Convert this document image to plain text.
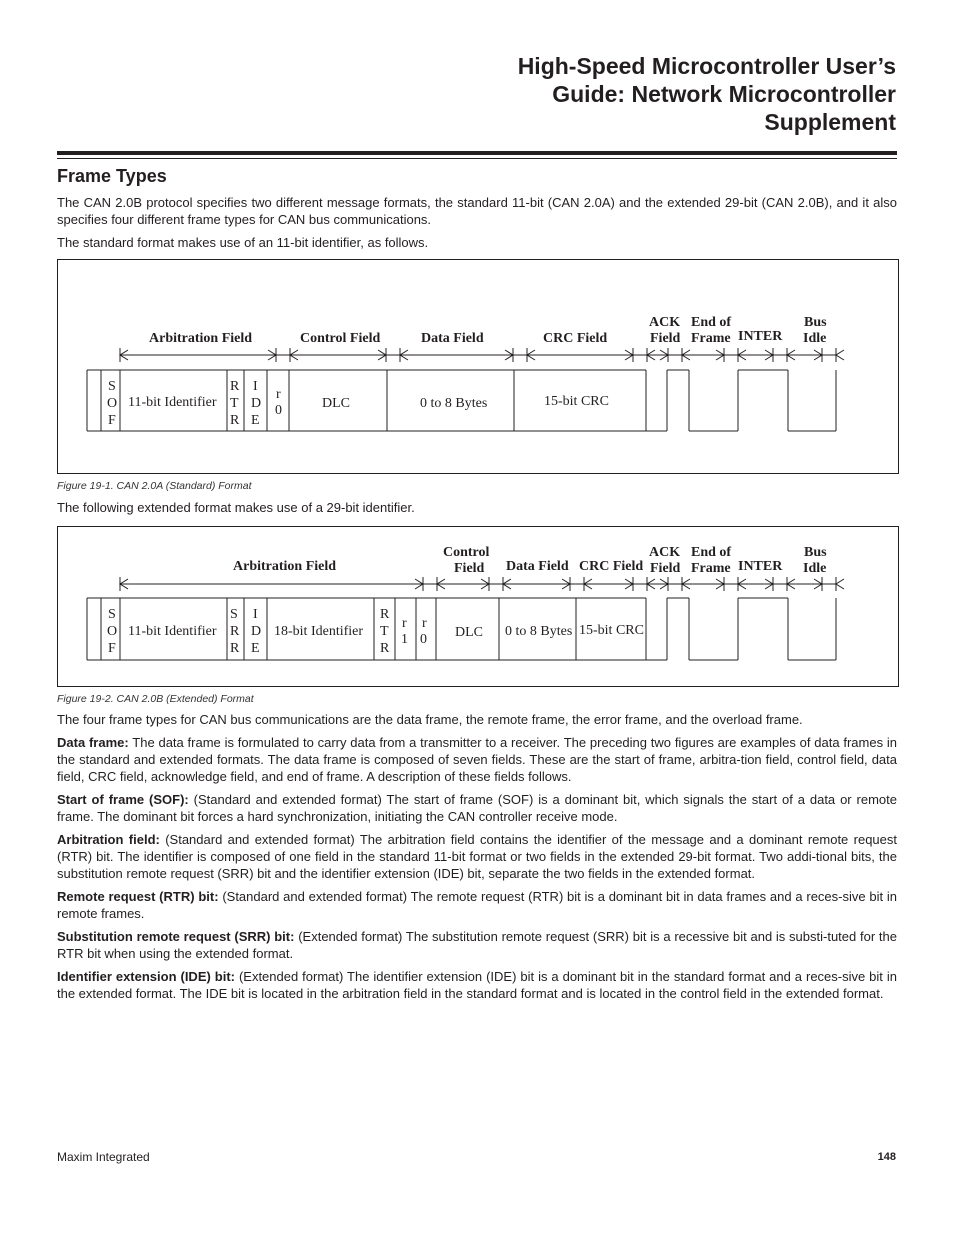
High-Speed Microcontroller User’s
Guide: Network Microcontroller
Supplement
Frame Types
The CAN 2.0B protocol specifies two different message formats, the standard 11-bit (CAN 2.0A) and the extended 29-bit (CAN 2.0B), and it also specifies four different frame types for CAN bus communications.
The standard format makes use of an 11-bit identifier, as follows.
Arbitration Field	Control Field	Data Field	CRC Field
ACK
Field
End of
Frame INTER
Bus
Idle
S
O
F
11-bit Identifier
R
T
R
I
D
E
r
0	DLC	0 to 8 Bytes	15-bit CRC
Figure 19-1. CAN 2.0A (Standard) Format
The following extended format makes use of a 29-bit identifier.
Arbitration Field
Control
Field Data Field CRC Field
ACK
Field
End of
Frame INTER
Bus
Idle
S
O
F
11-bit Identifier
S
R
R
I
D
E
18-bit Identifier
R
T
R
r
1
r
0 DLC 0 to 8 Bytes 15-bit CRC
Figure 19-2. CAN 2.0B (Extended) Format
The four frame types for CAN bus communications are the data frame, the remote frame, the error frame, and the overload frame.
Data frame: The data frame is formulated to carry data from a transmitter to a receiver. The preceding two figures are examples of data frames in the standard and extended formats. The data frame is composed of seven fields. These are the start of frame, arbitra-tion field, control field, data field, CRC field, acknowledge field, and end of frame. A description of these fields follows.
Start of frame (SOF): (Standard and extended format) The start of frame (SOF) is a dominant bit, which signals the start of a data or remote frame. The dominant bit forces a hard synchronization, initiating the CAN controller receive mode.
Arbitration field: (Standard and extended format) The arbitration field contains the identifier of the message and a dominant remote request (RTR) bit. The identifier is composed of one field in the standard 11-bit format or two fields in the extended 29-bit format. Two addi-tional bits, the substitution remote request (SRR) bit and the identifier extension (IDE) bit, separate the two fields in the extended format.
Remote request (RTR) bit: (Standard and extended format) The remote request (RTR) bit is a dominant bit in data frames and a reces-sive bit in remote frames.
Substitution remote request (SRR) bit: (Extended format) The substitution remote request (SRR) bit is a recessive bit and is substi-tuted for the RTR bit when using the extended format.
Identifier extension (IDE) bit: (Extended format) The identifier extension (IDE) bit is a dominant bit in the standard format and a reces-sive bit in the extended format. The IDE bit is located in the arbitration field in the standard format and is located in the control field in the extended format.
Maxim Integrated	148
